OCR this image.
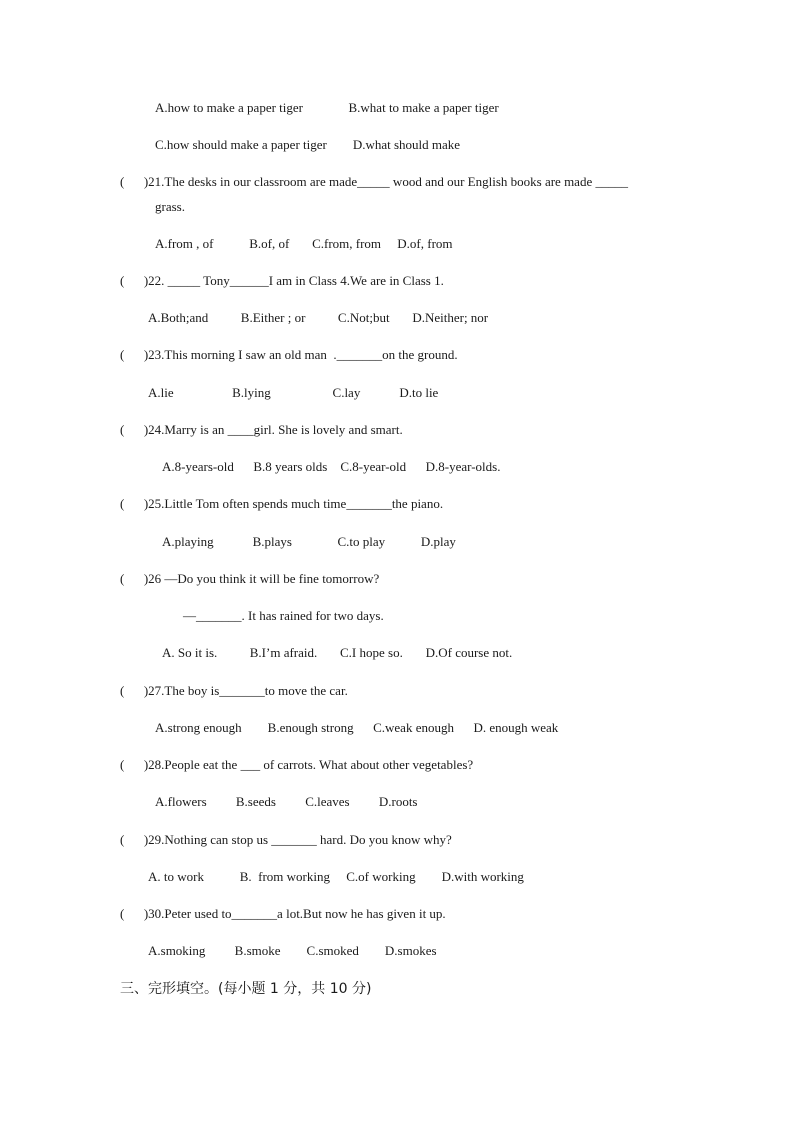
A.how to make a paper tiger              B.what to make a paper tiger
C.how should make a paper tiger        D.what should make
(      )21.The desks in our classroom are made_____ wood and our English books are made _____
grass.
A.from , of           B.of, of       C.from, from     D.of, from
(      )22. _____ Tony______I am in Class 4.We are in Class 1.
A.Both;and          B.Either ; or          C.Not;but       D.Neither; nor
(      )23.This morning I saw an old man  ._______on the ground.
A.lie                  B.lying                   C.lay            D.to lie
(      )24.Marry is an ____girl. She is lovely and smart.
A.8-years-old      B.8 years olds    C.8-year-old      D.8-year-olds.
(      )25.Little Tom often spends much time_______the piano.
A.playing            B.plays              C.to play           D.play
(      )26 —Do you think it will be fine tomorrow?
—_______. It has rained for two days.
A. So it is.          B.I’m afraid.       C.I hope so.       D.Of course not.
(      )27.The boy is_______to move the car.
A.strong enough        B.enough strong      C.weak enough      D. enough weak
(      )28.People eat the ___ of carrots. What about other vegetables?
A.flowers         B.seeds         C.leaves         D.roots
(      )29.Nothing can stop us _______ hard. Do you know why?
A. to work           B.  from working     C.of working        D.with working
(      )30.Peter used to_______a lot.But now he has given it up.
A.smoking         B.smoke        C.smoked        D.smokes
三、完形填空。(每小题 1 分，共 10 分)
